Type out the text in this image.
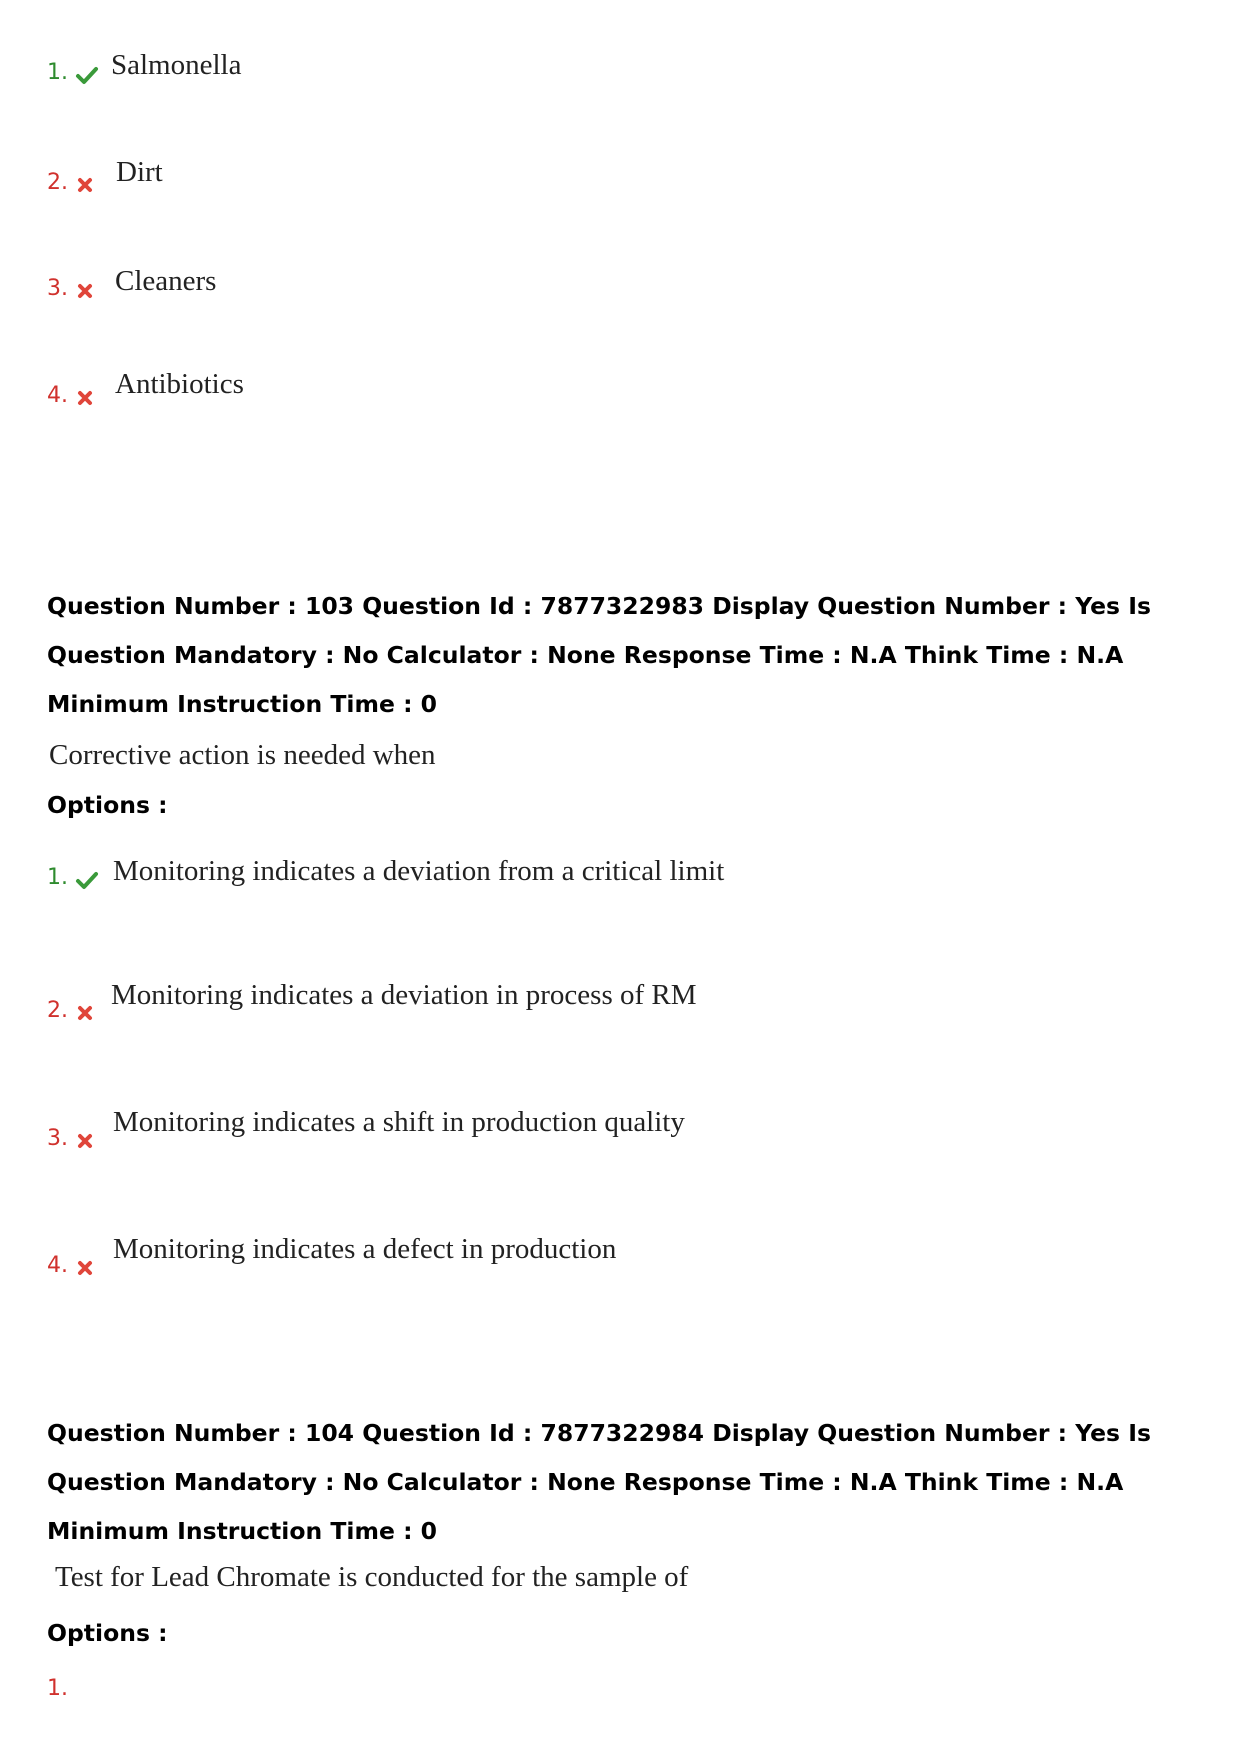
1. Salmonella
2. Dirt
3. Cleaners
4. Antibiotics
Question Number : 103 Question Id : 7877322983 Display Question Number : Yes Is Question Mandatory : No Calculator : None Response Time : N.A Think Time : N.A Minimum Instruction Time : 0
Corrective action is needed when
Options :
1. Monitoring indicates a deviation from a critical limit
2. Monitoring indicates a deviation in process of RM
3.
Monitoring indicates a shift in production quality
4.
Monitoring indicates a defect in production
Question Number : 104 Question Id : 7877322984 Display Question Number : Yes Is Question Mandatory : No Calculator : None Response Time : N.A Think Time : N.A Minimum Instruction Time : 0
Test for Lead Chromate is conducted for the sample of
Options :
1.
